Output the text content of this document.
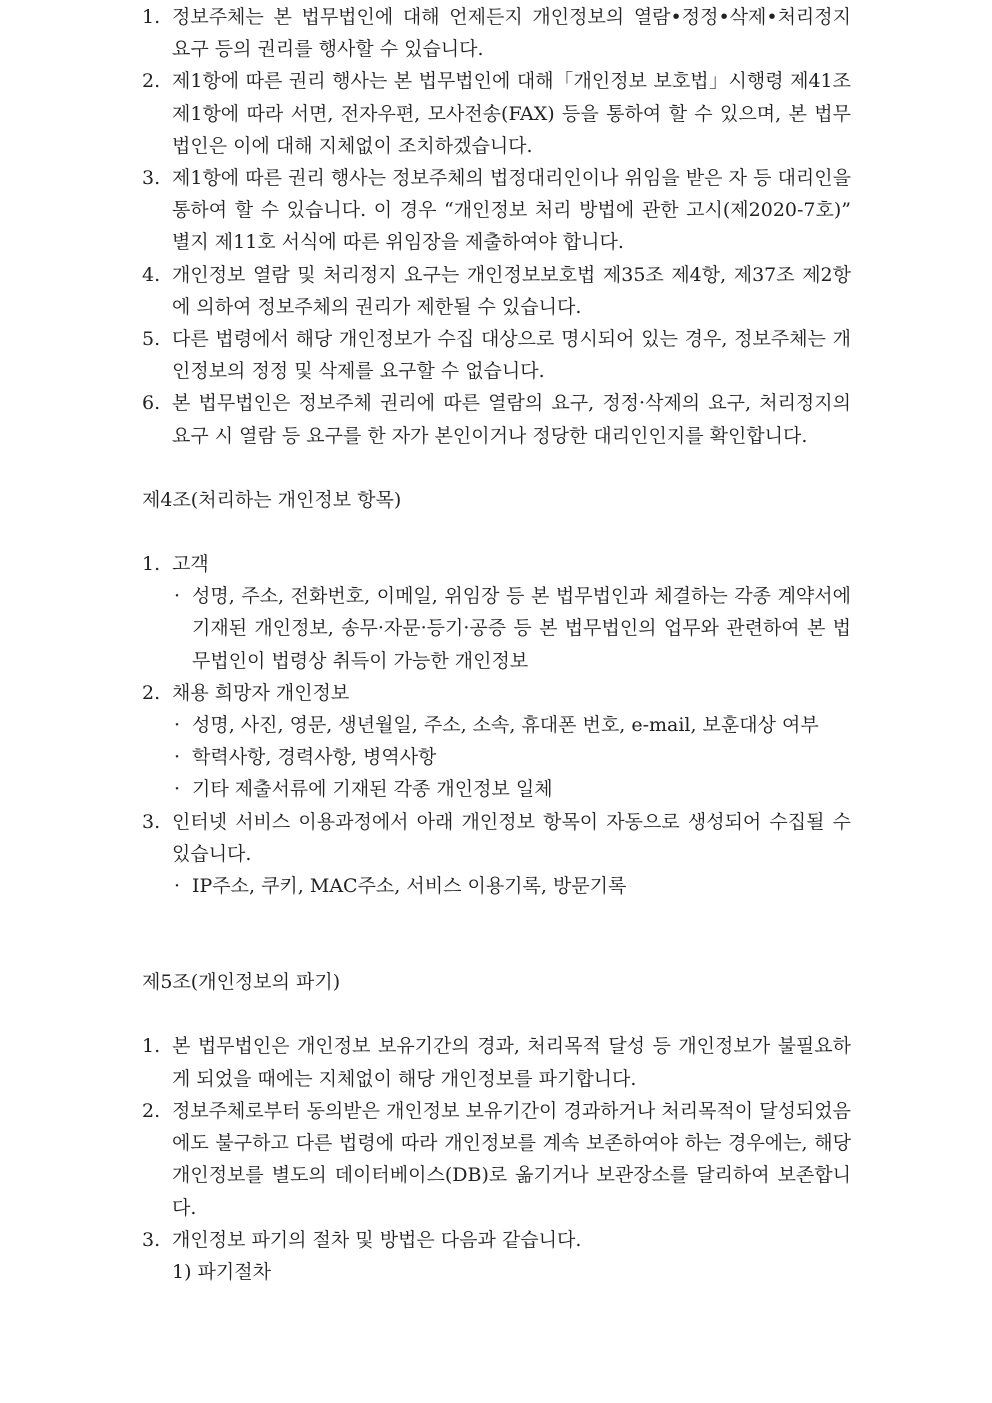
1. 정보주체는 본 법무법인에 대해 언제든지 개인정보의 열람•정정•삭제•처리정지 요구 등의 권리를 행사할 수 있습니다.
2. 제1항에 따른 권리 행사는 본 법무법인에 대해「개인정보 보호법」시행령 제41조 제1항에 따라 서면, 전자우편, 모사전송(FAX) 등을 통하여 할 수 있으며, 본 법무법인은 이에 대해 지체없이 조치하겠습니다.
3. 제1항에 따른 권리 행사는 정보주체의 법정대리인이나 위임을 받은 자 등 대리인을 통하여 할 수 있습니다. 이 경우 “개인정보 처리 방법에 관한 고시(제2020-7호)” 별지 제11호 서식에 따른 위임장을 제출하여야 합니다.
4. 개인정보 열람 및 처리정지 요구는 개인정보보호법 제35조 제4항, 제37조 제2항에 의하여 정보주체의 권리가 제한될 수 있습니다.
5. 다른 법령에서 해당 개인정보가 수집 대상으로 명시되어 있는 경우, 정보주체는 개인정보의 정정 및 삭제를 요구할 수 없습니다.
6. 본 법무법인은 정보주체 권리에 따른 열람의 요구, 정정·삭제의 요구, 처리정지의 요구 시 열람 등 요구를 한 자가 본인이거나 정당한 대리인인지를 확인합니다.

제4조(처리하는 개인정보 항목)

1. 고객
· 성명, 주소, 전화번호, 이메일, 위임장 등 본 법무법인과 체결하는 각종 계약서에 기재된 개인정보, 송무·자문·등기·공증 등 본 법무법인의 업무와 관련하여 본 법무법인이 법령상 취득이 가능한 개인정보
2. 채용 희망자 개인정보
· 성명, 사진, 영문, 생년월일, 주소, 소속, 휴대폰 번호, e-mail, 보훈대상 여부
· 학력사항, 경력사항, 병역사항
· 기타 제출서류에 기재된 각종 개인정보 일체
3. 인터넷 서비스 이용과정에서 아래 개인정보 항목이 자동으로 생성되어 수집될 수 있습니다.
· IP주소, 쿠키, MAC주소, 서비스 이용기록, 방문기록

제5조(개인정보의 파기)

1. 본 법무법인은 개인정보 보유기간의 경과, 처리목적 달성 등 개인정보가 불필요하게 되었을 때에는 지체없이 해당 개인정보를 파기합니다.
2. 정보주체로부터 동의받은 개인정보 보유기간이 경과하거나 처리목적이 달성되었음에도 불구하고 다른 법령에 따라 개인정보를 계속 보존하여야 하는 경우에는, 해당 개인정보를 별도의 데이터베이스(DB)로 옮기거나 보관장소를 달리하여 보존합니다.
3. 개인정보 파기의 절차 및 방법은 다음과 같습니다.

1) 파기절차
